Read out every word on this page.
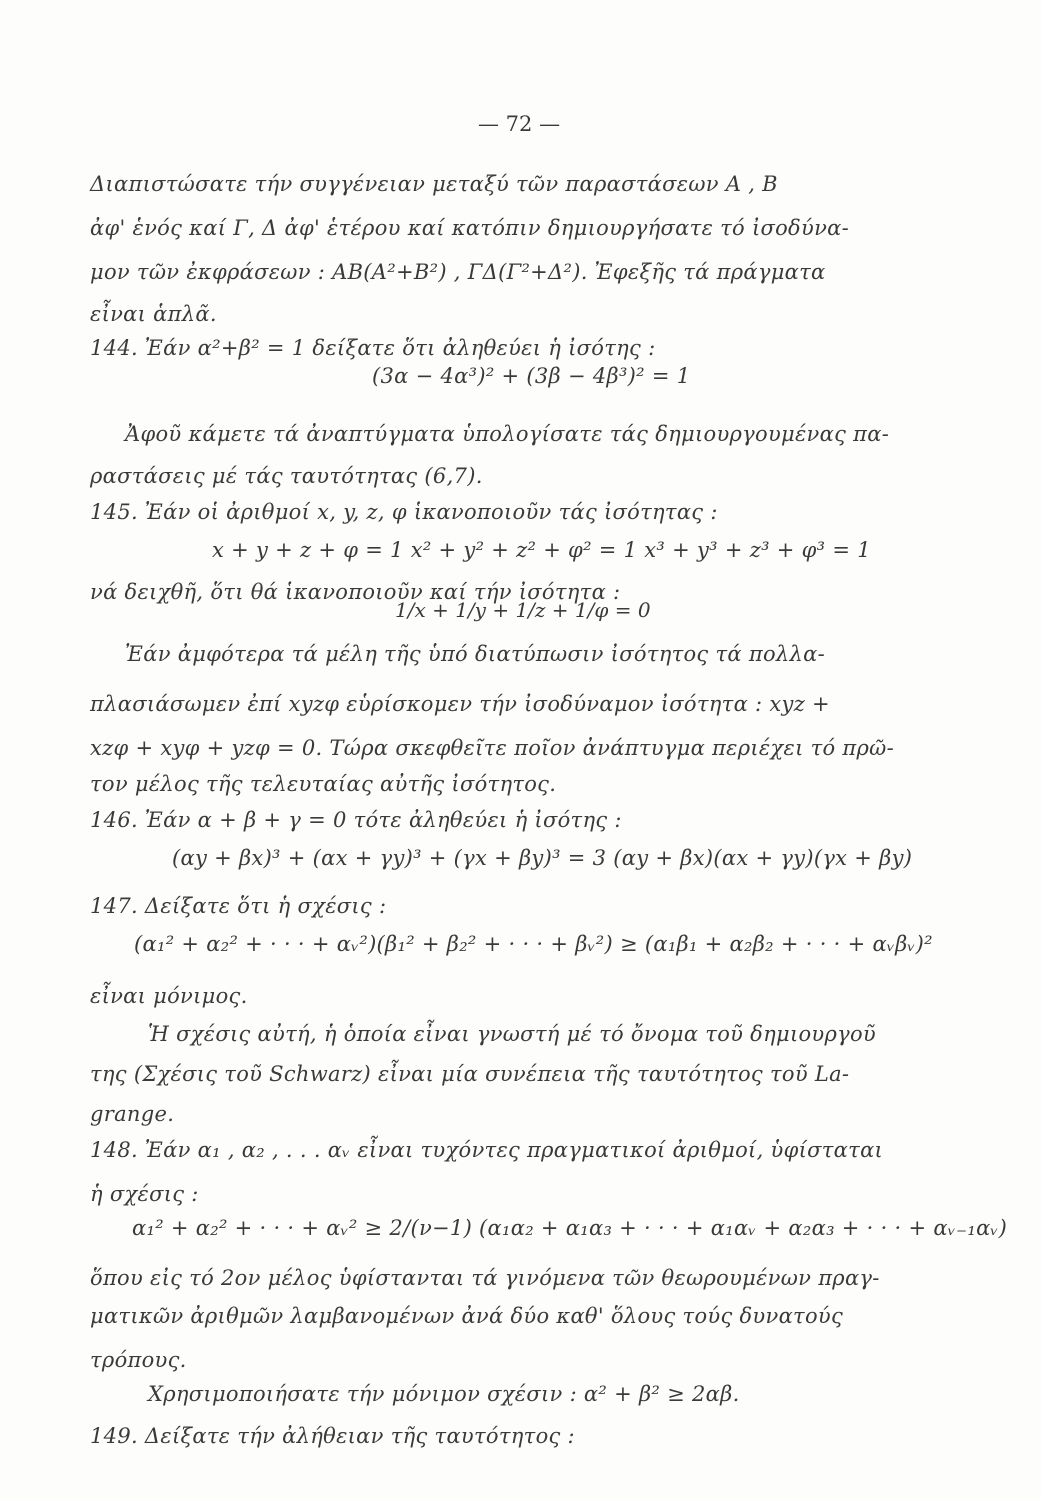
— 72 —
Διαπιστώσατε τήν συγγένειαν μεταξύ τῶν παραστάσεων Α , Β
ἀφ' ἑνός καί Γ, Δ ἀφ' ἑτέρου καί κατόπιν δημιουργήσατε τό ἰσοδύνα-
μον τῶν ἐκφράσεων : ΑΒ(Α²+Β²) , ΓΔ(Γ²+Δ²). Ἐφεξῆς τά πράγματα
εἶναι ἁπλᾶ.
144. Ἐάν α²+β² = 1 δείξατε ὅτι ἀληθεύει ἡ ἰσότης :
(3α − 4α³)² + (3β − 4β³)² = 1
Ἀφοῦ κάμετε τά ἀναπτύγματα ὑπολογίσατε τάς δημιουργουμένας πα-
ραστάσεις μέ τάς ταυτότητας (6,7).
145. Ἐάν οἱ ἀριθμοί x, y, z, φ ἱκανοποιοῦν τάς ἰσότητας :
x + y + z + φ = 1 x² + y² + z² + φ² = 1 x³ + y³ + z³ + φ³ = 1
νά δειχθῆ, ὅτι θά ἱκανοποιοῦν καί τήν ἰσότητα :
1/x + 1/y + 1/z + 1/φ = 0
Ἐάν ἀμφότερα τά μέλη τῆς ὑπό διατύπωσιν ἰσότητος τά πολλα-
πλασιάσωμεν ἐπί xyzφ εὑρίσκομεν τήν ἰσοδύναμον ἰσότητα : xyz +
xzφ + xyφ + yzφ = 0. Τώρα σκεφθεῖτε ποῖον ἀνάπτυγμα περιέχει τό πρῶ-
τον μέλος τῆς τελευταίας αὐτῆς ἰσότητος.
146. Ἐάν α + β + γ = 0 τότε ἀληθεύει ἡ ἰσότης :
(αy + βx)³ + (αx + γy)³ + (γx + βy)³ = 3 (αy + βx)(αx + γy)(γx + βy)
147. Δείξατε ὅτι ἡ σχέσις :
(α₁² + α₂² + · · · + αᵥ²)(β₁² + β₂² + · · · + βᵥ²) ≥ (α₁β₁ + α₂β₂ + · · · + αᵥβᵥ)²
εἶναι μόνιμος.
Ἡ σχέσις αὐτή, ἡ ὁποία εἶναι γνωστή μέ τό ὄνομα τοῦ δημιουργοῦ
της (Σχέσις τοῦ Schwarz) εἶναι μία συνέπεια τῆς ταυτότητος τοῦ La-
grange.
148. Ἐάν α₁ , α₂ , . . . αᵥ εἶναι τυχόντες πραγματικοί ἀριθμοί, ὑφίσταται
ἡ σχέσις :
α₁² + α₂² + · · · + αᵥ² ≥ 2/(ν−1) (α₁α₂ + α₁α₃ + · · · + α₁αᵥ + α₂α₃ + · · · + αᵥ₋₁αᵥ)
ὅπου εἰς τό 2ον μέλος ὑφίστανται τά γινόμενα τῶν θεωρουμένων πραγ-
ματικῶν ἀριθμῶν λαμβανομένων ἀνά δύο καθ' ὅλους τούς δυνατούς
τρόπους.
Χρησιμοποιήσατε τήν μόνιμον σχέσιν : α² + β² ≥ 2αβ.
149. Δείξατε τήν ἀλήθειαν τῆς ταυτότητος :
